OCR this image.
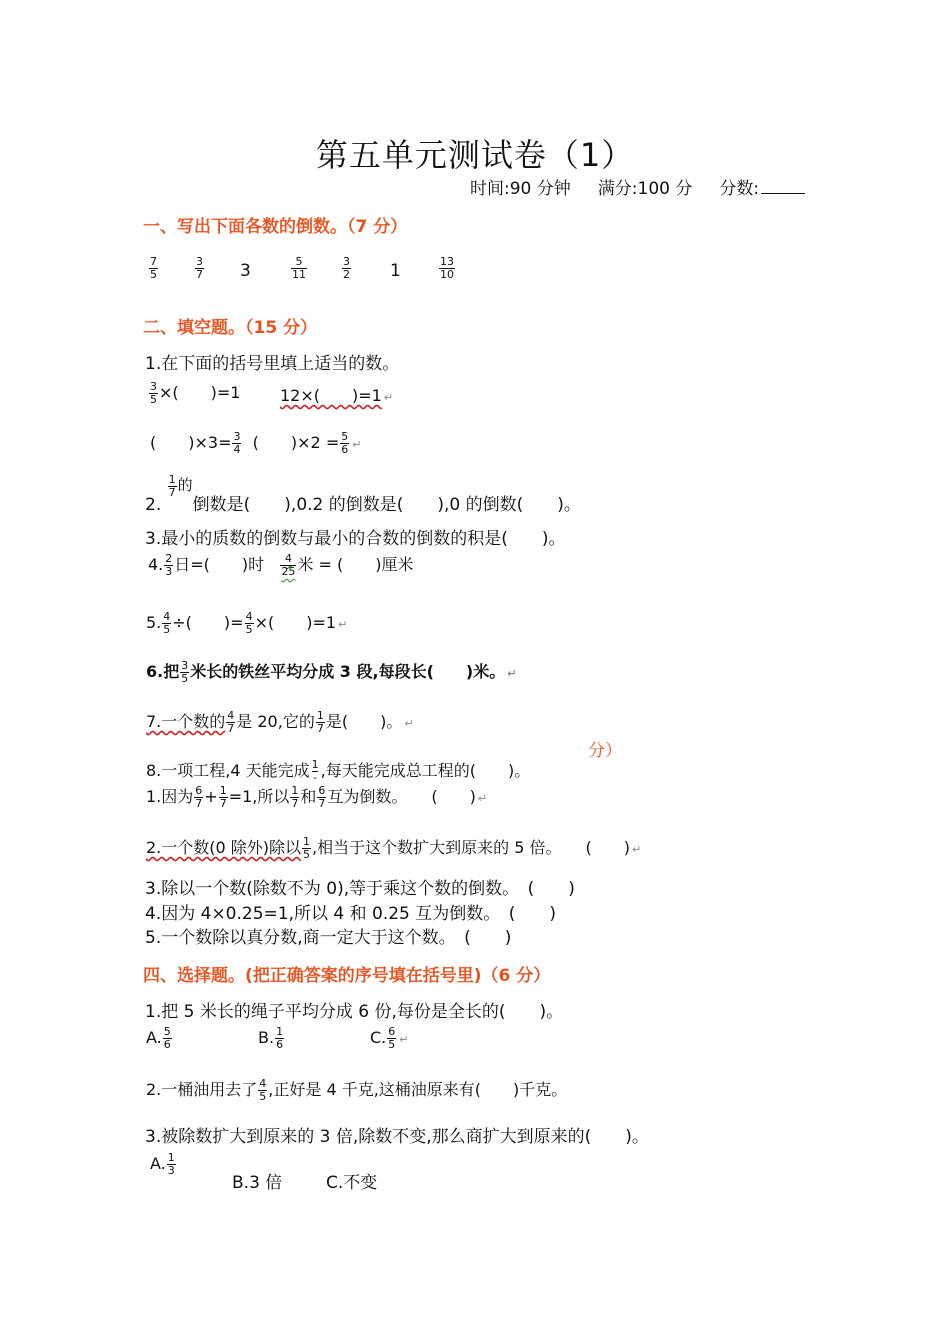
第五单元测试卷（1）
时间:90 分钟 满分:100 分 分数:
一、写出下面各数的倒数。（7 分）
$\frac{7}{5}$	$\frac{3}{7} 3$	$\frac{5}{11}$	$\frac{3}{2} 1$	$\frac{13}{10}$
二、填空题。（15 分）
1.在下面的括号里填上适当的数。
$\frac{3}{5}$ ×(　　)=1 12×(　　)=1 ↵
(　　)$\times 3= \frac{3}{4}$ (　　)$\times 2 = \frac{5}{6}$ ↵
2.
$\frac{1}{7}$ 的倒数是(　　),0.2 的倒数是(　　),0 的倒数(　　)。
3.最小的质数的倒数与最小的合数的倒数的积是(　　)。
4. $\frac{2}{3}$ 日=(　　)时 $\frac{4}{25}$ 米 = (　　)厘米
5. $\frac{4}{5}$ ÷(　　)= $\frac{4}{5}$ ×(　　)=1 ↵
6.把 $\frac{3}{5}$ 米长的铁丝平均分成 3 段,每段长(　　)米。 ↵
7.一个数的 $\frac{4}{7}$ 是 20,它的 $\frac{1}{7}$ 是(　　)。 ↵
分）
8.一项工程,4 天能完成 $\frac{1}{-}$ ,每天能完成总工程的(　　)。
1.因为 $\frac{6}{7} + \frac{1}{7} =1$,所以 $\frac{1}{7}$ 和 $\frac{6}{7}$ 互为倒数。　　(　　) ↵
2.一个数(0 除外)除以 $\frac{1}{5}$ ,相当于这个数扩大到原来的 5 倍。　　(　　) ↵
3.除以一个数(除数不为 0),等于乘这个数的倒数。　(　　)
4.因为 4×0.25=1,所以 4 和 0.25 互为倒数。　(　　)
5.一个数除以真分数,商一定大于这个数。　(　　)
四、选择题。(把正确答案的序号填在括号里)（6 分）
1.把 5 米长的绳子平均分成 6 份,每份是全长的(　　)。
A. $\frac{5}{6}$	B. $\frac{1}{6}$	C. $\frac{6}{5}$ ↵
2.一桶油用去了 $\frac{4}{5}$ ,正好是 4 千克,这桶油原来有(　　)千克。
3.被除数扩大到原来的 3 倍,除数不变,那么商扩大到原来的(　　)。
A. $\frac{1}{3}$
B.3 倍	C.不变
